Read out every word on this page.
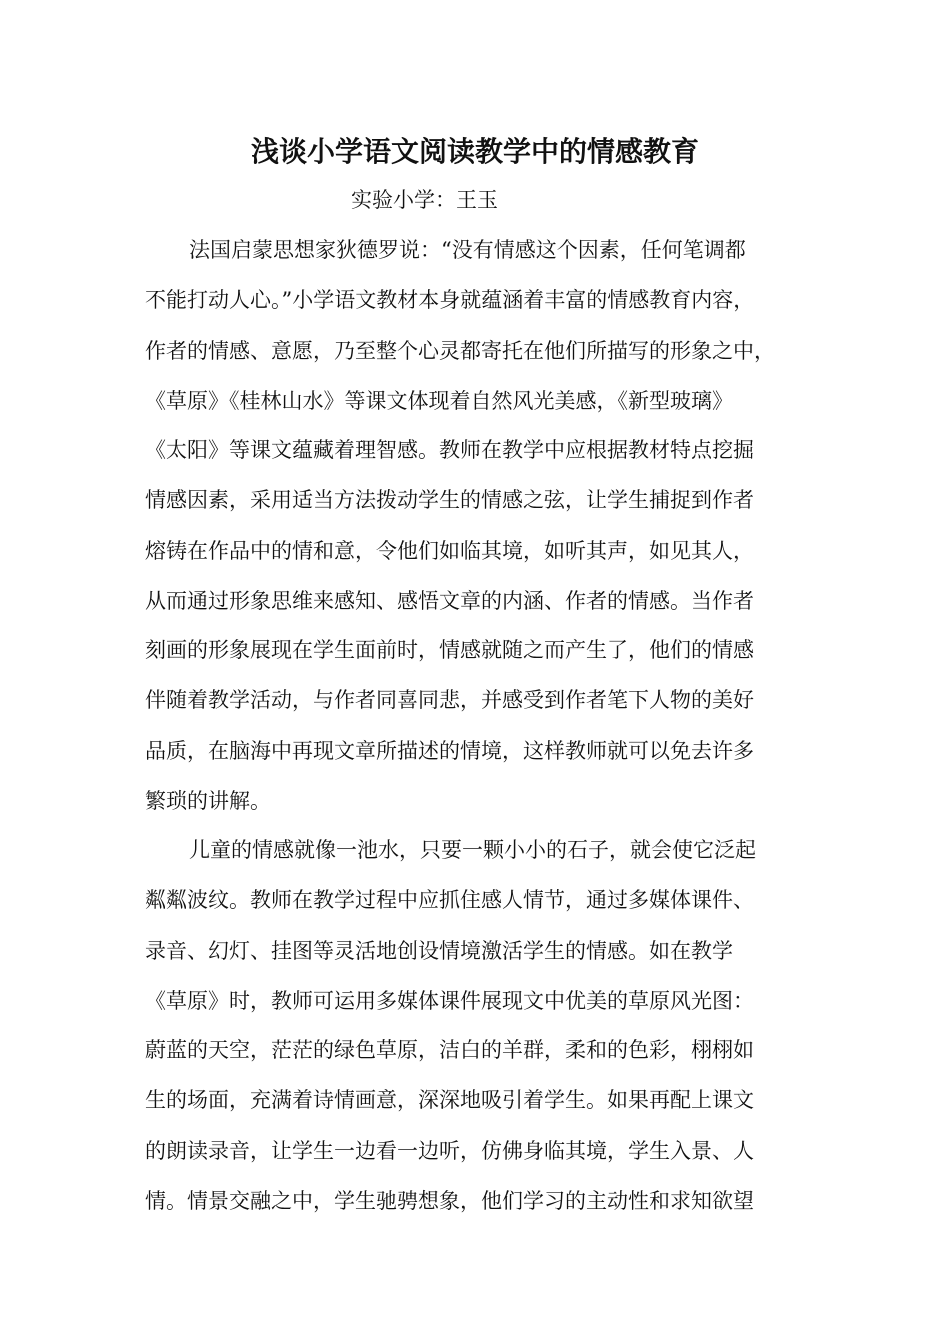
浅谈小学语文阅读教学中的情感教育
实验小学：王玉
法国启蒙思想家狄德罗说：“没有情感这个因素，任何笔调都
不能打动人心。”小学语文教材本身就蕴涵着丰富的情感教育内容，
作者的情感、意愿，乃至整个心灵都寄托在他们所描写的形象之中，
《草原》《桂林山水》等课文体现着自然风光美感，《新型玻璃》
《太阳》等课文蕴藏着理智感。教师在教学中应根据教材特点挖掘
情感因素，采用适当方法拨动学生的情感之弦，让学生捕捉到作者
熔铸在作品中的情和意，令他们如临其境，如听其声，如见其人，
从而通过形象思维来感知、感悟文章的内涵、作者的情感。当作者
刻画的形象展现在学生面前时，情感就随之而产生了，他们的情感
伴随着教学活动，与作者同喜同悲，并感受到作者笔下人物的美好
品质，在脑海中再现文章所描述的情境，这样教师就可以免去许多
繁琐的讲解。
儿童的情感就像一池水，只要一颗小小的石子，就会使它泛起
粼粼波纹。教师在教学过程中应抓住感人情节，通过多媒体课件、
录音、幻灯、挂图等灵活地创设情境激活学生的情感。如在教学
《草原》时，教师可运用多媒体课件展现文中优美的草原风光图：
蔚蓝的天空，茫茫的绿色草原，洁白的羊群，柔和的色彩，栩栩如
生的场面，充满着诗情画意，深深地吸引着学生。如果再配上课文
的朗读录音，让学生一边看一边听，仿佛身临其境，学生入景、人
情。情景交融之中，学生驰骋想象，他们学习的主动性和求知欲望
